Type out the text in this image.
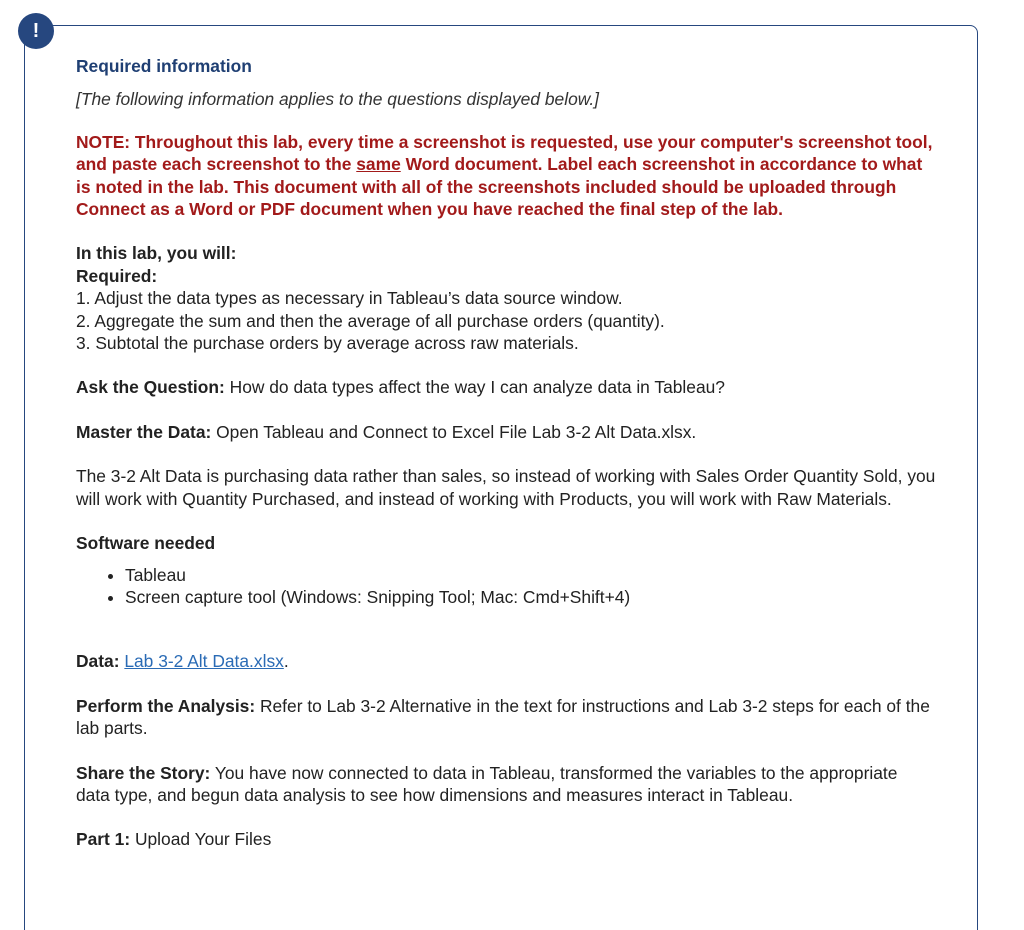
!

Required information

[The following information applies to the questions displayed below.]

NOTE: Throughout this lab, every time a screenshot is requested, use your computer's screenshot tool, and paste each screenshot to the same Word document. Label each screenshot in accordance to what is noted in the lab. This document with all of the screenshots included should be uploaded through Connect as a Word or PDF document when you have reached the final step of the lab.

In this lab, you will:

Required:

1. Adjust the data types as necessary in Tableau’s data source window.

2. Aggregate the sum and then the average of all purchase orders (quantity).

3. Subtotal the purchase orders by average across raw materials.

Ask the Question: How do data types affect the way I can analyze data in Tableau?

Master the Data: Open Tableau and Connect to Excel File Lab 3-2 Alt Data.xlsx.

The 3-2 Alt Data is purchasing data rather than sales, so instead of working with Sales Order Quantity Sold, you will work with Quantity Purchased, and instead of working with Products, you will work with Raw Materials.

Software needed

• Tableau
• Screen capture tool (Windows: Snipping Tool; Mac: Cmd+Shift+4)

Data: Lab 3-2 Alt Data.xlsx.

Perform the Analysis: Refer to Lab 3-2 Alternative in the text for instructions and Lab 3-2 steps for each of the lab parts.

Share the Story: You have now connected to data in Tableau, transformed the variables to the appropriate data type, and begun data analysis to see how dimensions and measures interact in Tableau.

Part 1: Upload Your Files
